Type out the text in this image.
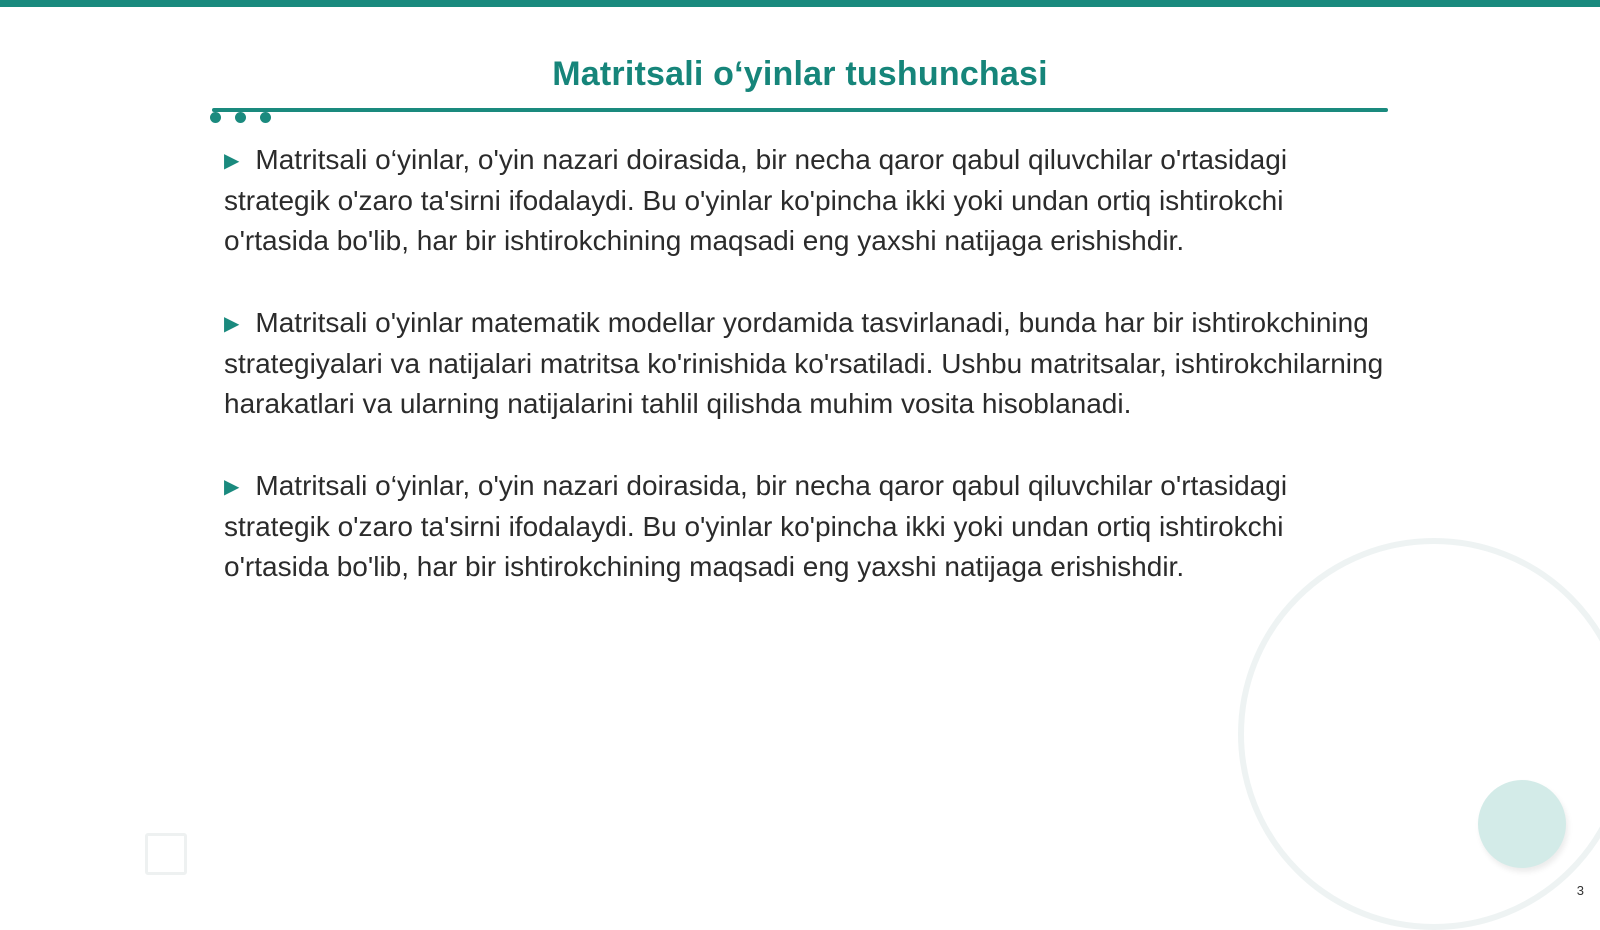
Matritsali o‘yinlar tushunchasi

▶ Matritsali o‘yinlar, o'yin nazari doirasida, bir necha qaror qabul qiluvchilar o'rtasidagi strategik o'zaro ta'sirni ifodalaydi. Bu o'yinlar ko'pincha ikki yoki undan ortiq ishtirokchi o'rtasida bo'lib, har bir ishtirokchining maqsadi eng yaxshi natijaga erishishdir.

▶ Matritsali o'yinlar matematik modellar yordamida tasvirlanadi, bunda har bir ishtirokchining strategiyalari va natijalari matritsa ko'rinishida ko'rsatiladi. Ushbu matritsalar, ishtirokchilarning harakatlari va ularning natijalarini tahlil qilishda muhim vosita hisoblanadi.

▶ Matritsali o‘yinlar, o'yin nazari doirasida, bir necha qaror qabul qiluvchilar o'rtasidagi strategik o'zaro ta'sirni ifodalaydi. Bu o'yinlar ko'pincha ikki yoki undan ortiq ishtirokchi o'rtasida bo'lib, har bir ishtirokchining maqsadi eng yaxshi natijaga erishishdir.

3
